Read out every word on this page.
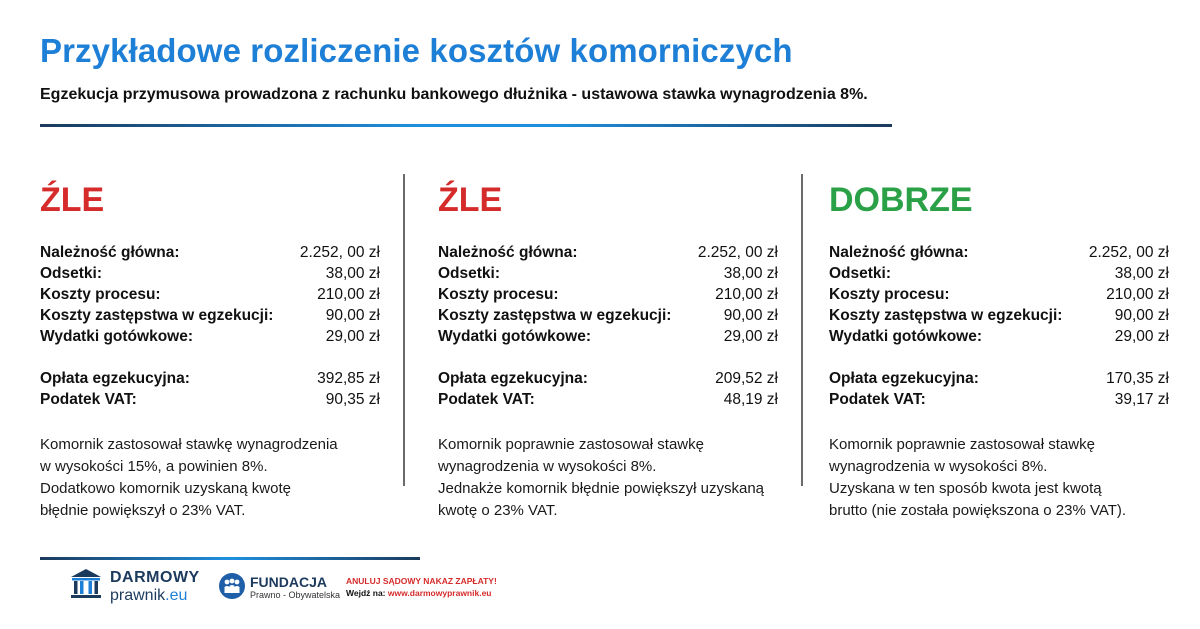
Przykładowe rozliczenie kosztów komorniczych
Egzekucja przymusowa prowadzona z rachunku bankowego dłużnika - ustawowa stawka wynagrodzenia 8%.
ŹLE
Należność główna:	2.252, 00 zł
Odsetki:	38,00 zł
Koszty procesu:	210,00 zł
Koszty zastępstwa w egzekucji:	90,00 zł
Wydatki gotówkowe:	29,00 zł
Opłata egzekucyjna:	392,85 zł
Podatek VAT:	90,35 zł
Komornik zastosował stawkę wynagrodzenia
w wysokości 15%, a powinien 8%.
Dodatkowo komornik uzyskaną kwotę
błędnie powiększył o 23% VAT.
ŹLE
Należność główna:	2.252, 00 zł
Odsetki:	38,00 zł
Koszty procesu:	210,00 zł
Koszty zastępstwa w egzekucji:	90,00 zł
Wydatki gotówkowe:	29,00 zł
Opłata egzekucyjna:	209,52 zł
Podatek VAT:	48,19 zł
Komornik poprawnie zastosował stawkę
wynagrodzenia w wysokości 8%.
Jednakże komornik błędnie powiększył uzyskaną
kwotę o 23% VAT.
DOBRZE
Należność główna:	2.252, 00 zł
Odsetki:	38,00 zł
Koszty procesu:	210,00 zł
Koszty zastępstwa w egzekucji:	90,00 zł
Wydatki gotówkowe:	29,00 zł
Opłata egzekucyjna:	170,35 zł
Podatek VAT:	39,17 zł
Komornik poprawnie zastosował stawkę
wynagrodzenia w wysokości 8%.
Uzyskana w ten sposób kwota jest kwotą
brutto (nie została powiększona o 23% VAT).
DARMOWY
prawnik.eu
FUNDACJA
Prawno - Obywatelska
ANULUJ SĄDOWY NAKAZ ZAPŁATY!
Wejdź na: www.darmowyprawnik.eu
